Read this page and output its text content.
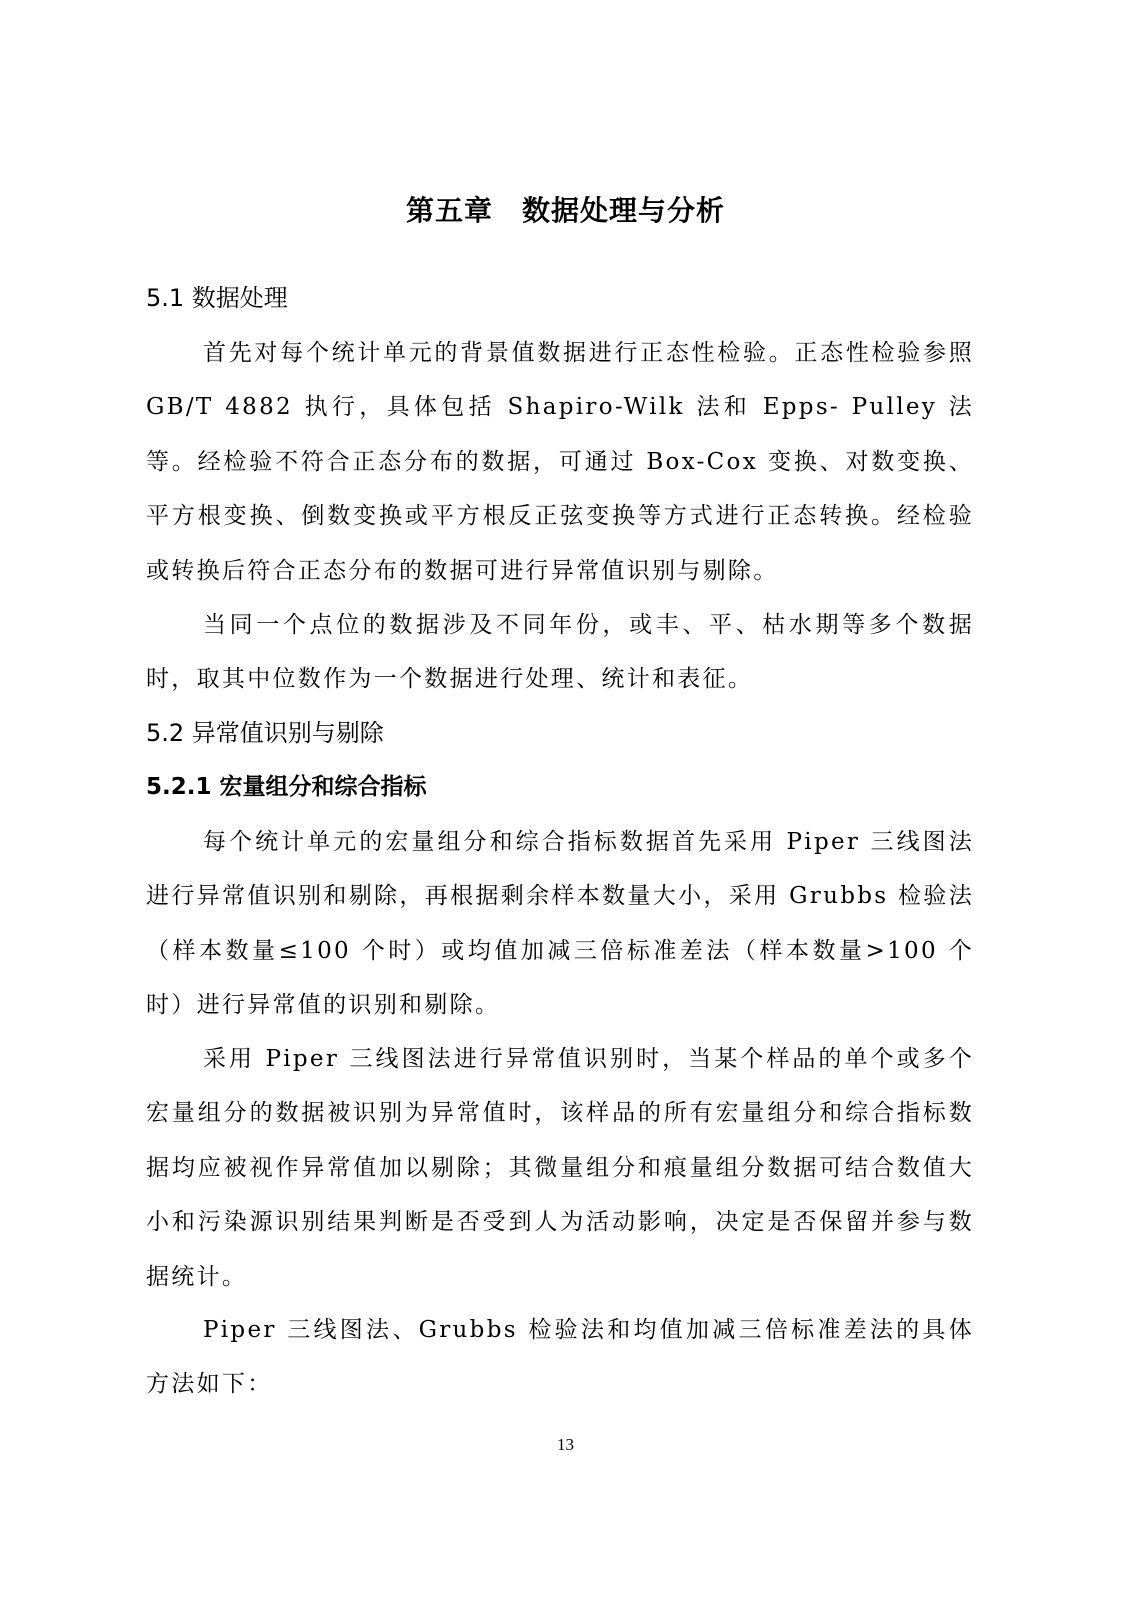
第五章　数据处理与分析
5.1 数据处理

首先对每个统计单元的背景值数据进行正态性检验。正态性检验参照 GB/T 4882 执行，具体包括 Shapiro-Wilk 法和 Epps- Pulley 法等。经检验不符合正态分布的数据，可通过 Box-Cox 变换、对数变换、平方根变换、倒数变换或平方根反正弦变换等方式进行正态转换。经检验或转换后符合正态分布的数据可进行异常值识别与剔除。

当同一个点位的数据涉及不同年份，或丰、平、枯水期等多个数据时，取其中位数作为一个数据进行处理、统计和表征。

5.2 异常值识别与剔除
5.2.1 宏量组分和综合指标

每个统计单元的宏量组分和综合指标数据首先采用 Piper 三线图法进行异常值识别和剔除，再根据剩余样本数量大小，采用 Grubbs 检验法（样本数量≤100 个时）或均值加减三倍标准差法（样本数量>100 个时）进行异常值的识别和剔除。

采用 Piper 三线图法进行异常值识别时，当某个样品的单个或多个宏量组分的数据被识别为异常值时，该样品的所有宏量组分和综合指标数据均应被视作异常值加以剔除；其微量组分和痕量组分数据可结合数值大小和污染源识别结果判断是否受到人为活动影响，决定是否保留并参与数据统计。

Piper 三线图法、Grubbs 检验法和均值加减三倍标准差法的具体方法如下：

13
